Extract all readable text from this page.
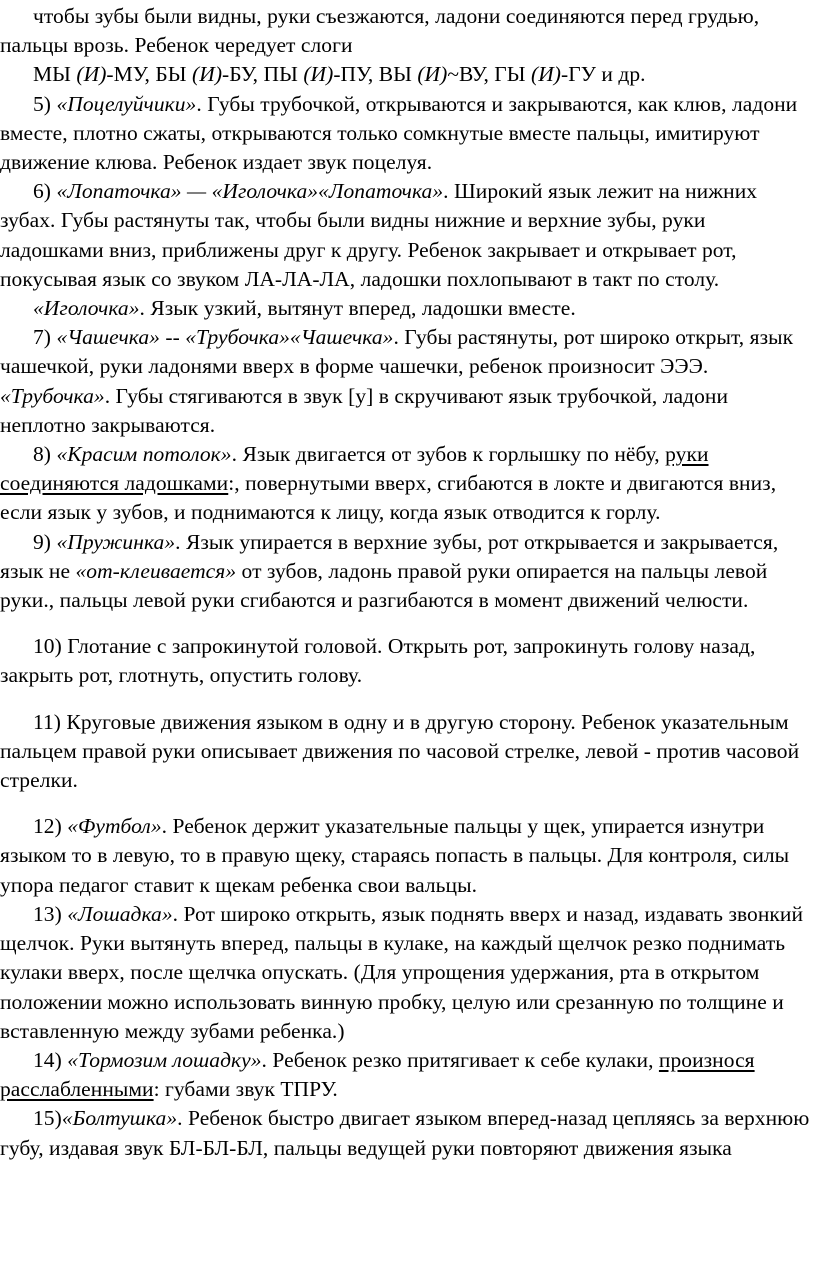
чтобы зубы были видны, руки съезжаются, ладони соединяются перед грудью, пальцы врозь. Ребенок чередует слоги

МЫ (И)-МУ, БЫ (И)-БУ, ПЫ (И)-ПУ, ВЫ (И)~ВУ, ГЫ (И)-ГУ и др.

5) «Поцелуйчики». Губы трубочкой, открываются и закрываются, как клюв, ладони вместе, плотно сжаты, открываются только сомкнутые вместе пальцы, имитируют движение клюва. Ребенок издает звук поцелуя.

6) «Лопаточка» — «Иголочка»«Лопаточка». Широкий язык лежит на нижних зубах. Губы растянуты так, чтобы были видны нижние и верхние зубы, руки ладошками вниз, приближены друг к другу. Ребенок закрывает и открывает рот, покусывая язык со звуком ЛА-ЛА-ЛА, ладошки похлопывают в такт по столу.

«Иголочка». Язык узкий, вытянут вперед, ладошки вместе.

7) «Чашечка» -- «Трубочка»«Чашечка». Губы растянуты, рот широко открыт, язык чашечкой, руки ладонями вверх в форме чашечки, ребенок произносит ЭЭЭ. «Трубочка». Губы стягиваются в звук [у] в скручивают язык трубочкой, ладони неплотно закрываются.

8) «Красим потолок». Язык двигается от зубов к горлышку по нёбу, руки соединяются ладошками:, повернутыми вверх, сгибаются в локте и двигаются вниз, если язык у зубов, и поднимаются к лицу, когда язык отводится к горлу.

9) «Пружинка». Язык упирается в верхние зубы, рот открывается и закрывается, язык не «от-клеивается» от зубов, ладонь правой руки опирается на пальцы левой руки., пальцы левой руки сгибаются и разгибаются в момент движений челюсти.

10) Глотание с запрокинутой головой. Открыть рот, запрокинуть голову назад, закрыть рот, глотнуть, опустить голову.

11) Круговые движения языком в одну и в другую сторону. Ребенок указательным пальцем правой руки описывает движения по часовой стрелке, левой - против часовой стрелки.

12) «Футбол». Ребенок держит указательные пальцы у щек, упирается изнутри языком то в левую, то в правую щеку, стараясь попасть в пальцы. Для контроля, силы упора педагог ставит к щекам ребенка свои вальцы.

13) «Лошадка». Рот широко открыть, язык поднять вверх и назад, издавать звонкий щелчок. Руки вытянуть вперед, пальцы в кулаке, на каждый щелчок резко поднимать кулаки вверх, после щелчка опускать. (Для упрощения удержания, рта в открытом положении можно использовать винную пробку, целую или срезанную по толщине и вставленную между зубами ребенка.)

14) «Тормозим лошадку». Ребенок резко притягивает к себе кулаки, произнося расслабленными: губами звук ТПРУ.

15)«Болтушка». Ребенок быстро двигает языком вперед-назад цепляясь за верхнюю губу, издавая звук БЛ-БЛ-БЛ, пальцы ведущей руки повторяют движения языка
